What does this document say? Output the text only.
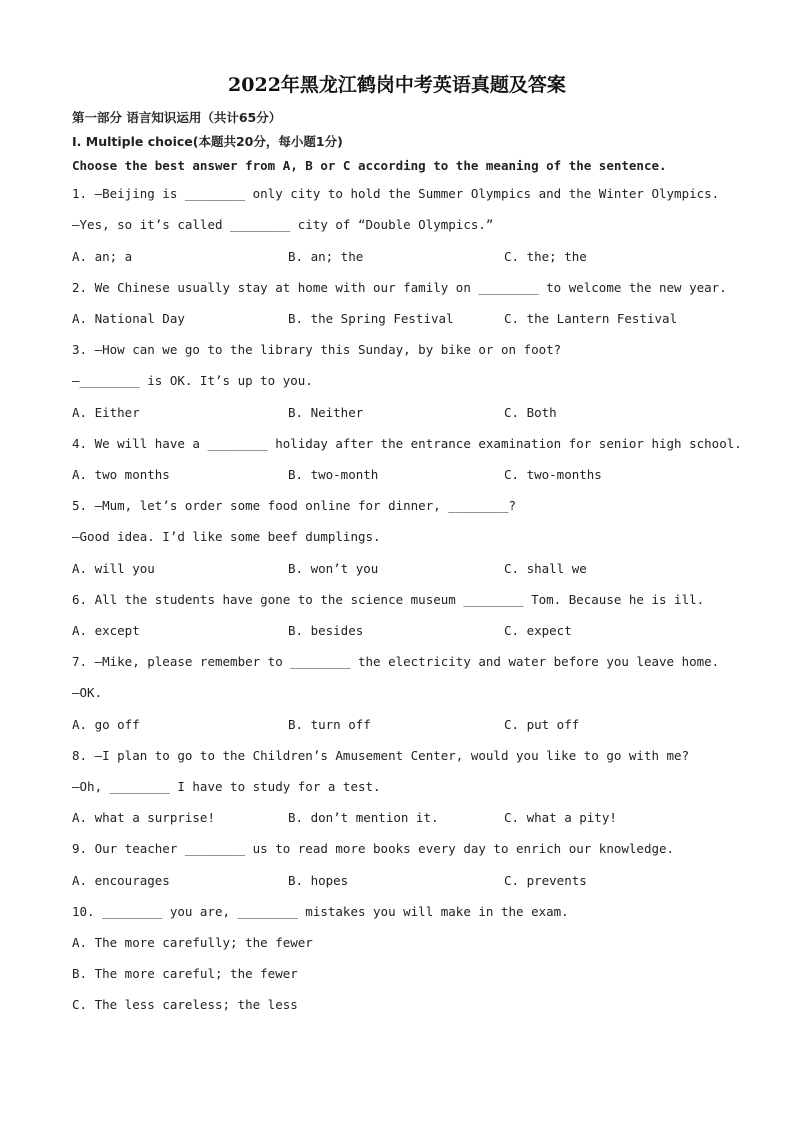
2022年黑龙江鹤岗中考英语真题及答案
第一部分 语言知识运用（共计65分）
Ⅰ. Multiple choice(本题共20分，每小题1分)
Choose the best answer from A, B or C according to the meaning of the sentence.
1. —Beijing is ________ only city to hold the Summer Olympics and the Winter Olympics.
—Yes, so it’s called ________ city of “Double Olympics.”
A. an; a	B. an; the	C. the; the
2. We Chinese usually stay at home with our family on ________ to welcome the new year.
A. National Day	B. the Spring Festival	C. the Lantern Festival
3. —How can we go to the library this Sunday, by bike or on foot?
—________ is OK. It’s up to you.
A. Either	B. Neither	C. Both
4. We will have a ________ holiday after the entrance examination for senior high school.
A. two months	B. two-month	C. two-months
5. —Mum, let’s order some food online for dinner, ________?
—Good idea. I’d like some beef dumplings.
A. will you	B. won’t you	C. shall we
6. All the students have gone to the science museum ________ Tom. Because he is ill.
A. except	B. besides	C. expect
7. —Mike, please remember to ________ the electricity and water before you leave home.
—OK.
A. go off	B. turn off	C. put off
8. —I plan to go to the Children’s Amusement Center, would you like to go with me?
—Oh, ________ I have to study for a test.
A. what a surprise!	B. don’t mention it.	C. what a pity!
9. Our teacher ________ us to read more books every day to enrich our knowledge.
A. encourages	B. hopes	C. prevents
10. ________ you are, ________ mistakes you will make in the exam.
A. The more carefully; the fewer
B. The more careful; the fewer
C. The less careless; the less
